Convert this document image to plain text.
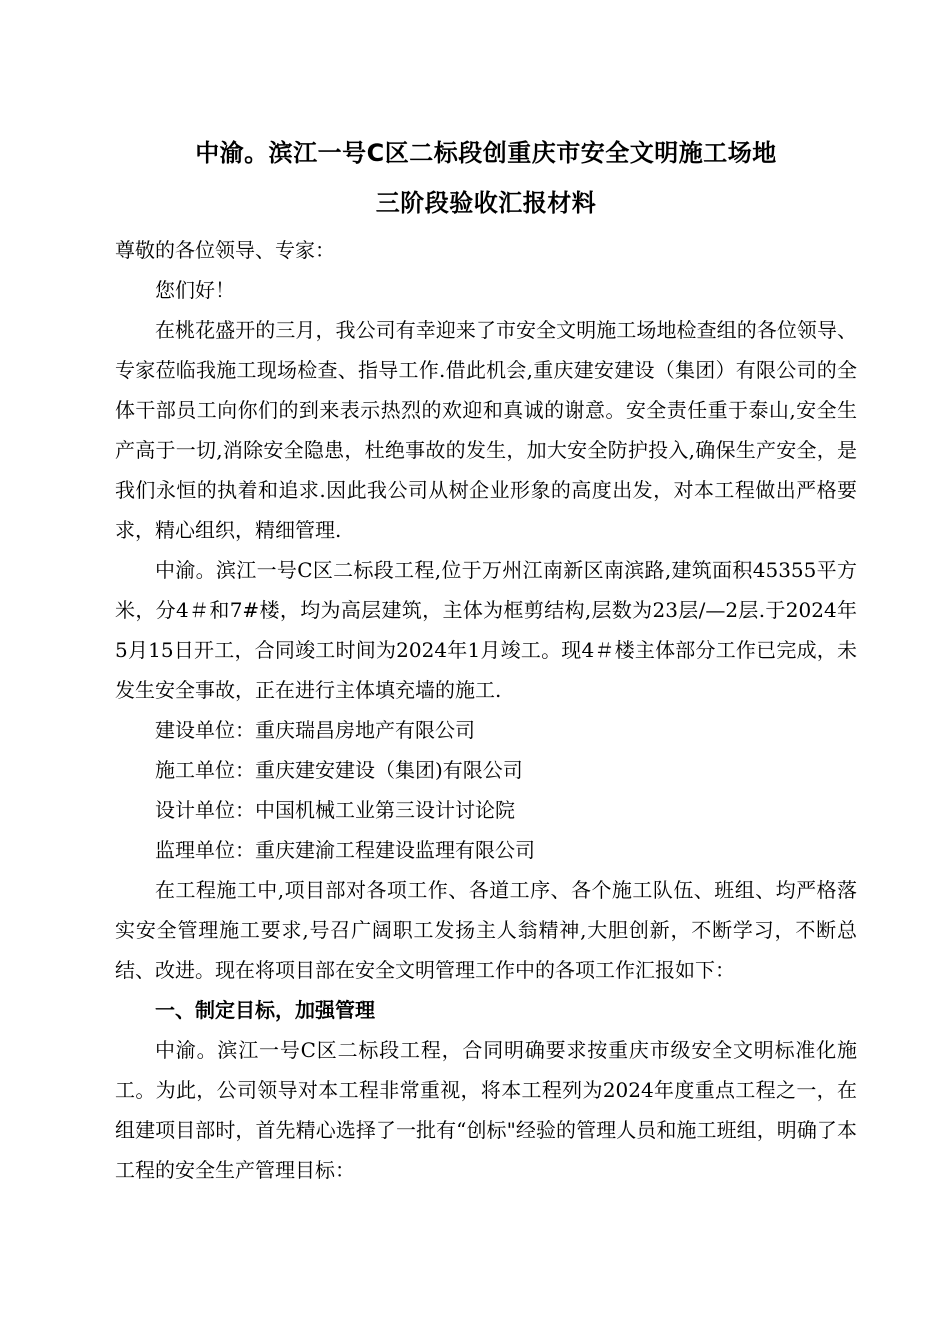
中渝。滨江一号C区二标段创重庆市安全文明施工场地
三阶段验收汇报材料

尊敬的各位领导、专家：

您们好！

在桃花盛开的三月，我公司有幸迎来了市安全文明施工场地检查组的各位领导、专家莅临我施工现场检查、指导工作.借此机会,重庆建安建设（集团）有限公司的全体干部员工向你们的到来表示热烈的欢迎和真诚的谢意。安全责任重于泰山,安全生产高于一切,消除安全隐患，杜绝事故的发生，加大安全防护投入,确保生产安全，是我们永恒的执着和追求.因此我公司从树企业形象的高度出发，对本工程做出严格要求，精心组织，精细管理.

中渝。滨江一号C区二标段工程,位于万州江南新区南滨路,建筑面积45355平方米，分4＃和7#楼，均为高层建筑，主体为框剪结构,层数为23层/—2层.于2024年5月15日开工，合同竣工时间为2024年1月竣工。现4＃楼主体部分工作已完成，未发生安全事故，正在进行主体填充墙的施工.

建设单位：重庆瑞昌房地产有限公司

施工单位：重庆建安建设（集团)有限公司

设计单位：中国机械工业第三设计讨论院

监理单位：重庆建渝工程建设监理有限公司

在工程施工中,项目部对各项工作、各道工序、各个施工队伍、班组、均严格落实安全管理施工要求,号召广阔职工发扬主人翁精神,大胆创新，不断学习，不断总结、改进。现在将项目部在安全文明管理工作中的各项工作汇报如下：

一、制定目标，加强管理

中渝。滨江一号C区二标段工程，合同明确要求按重庆市级安全文明标准化施工。为此，公司领导对本工程非常重视，将本工程列为2024年度重点工程之一，在组建项目部时，首先精心选择了一批有“创标"经验的管理人员和施工班组，明确了本工程的安全生产管理目标：
